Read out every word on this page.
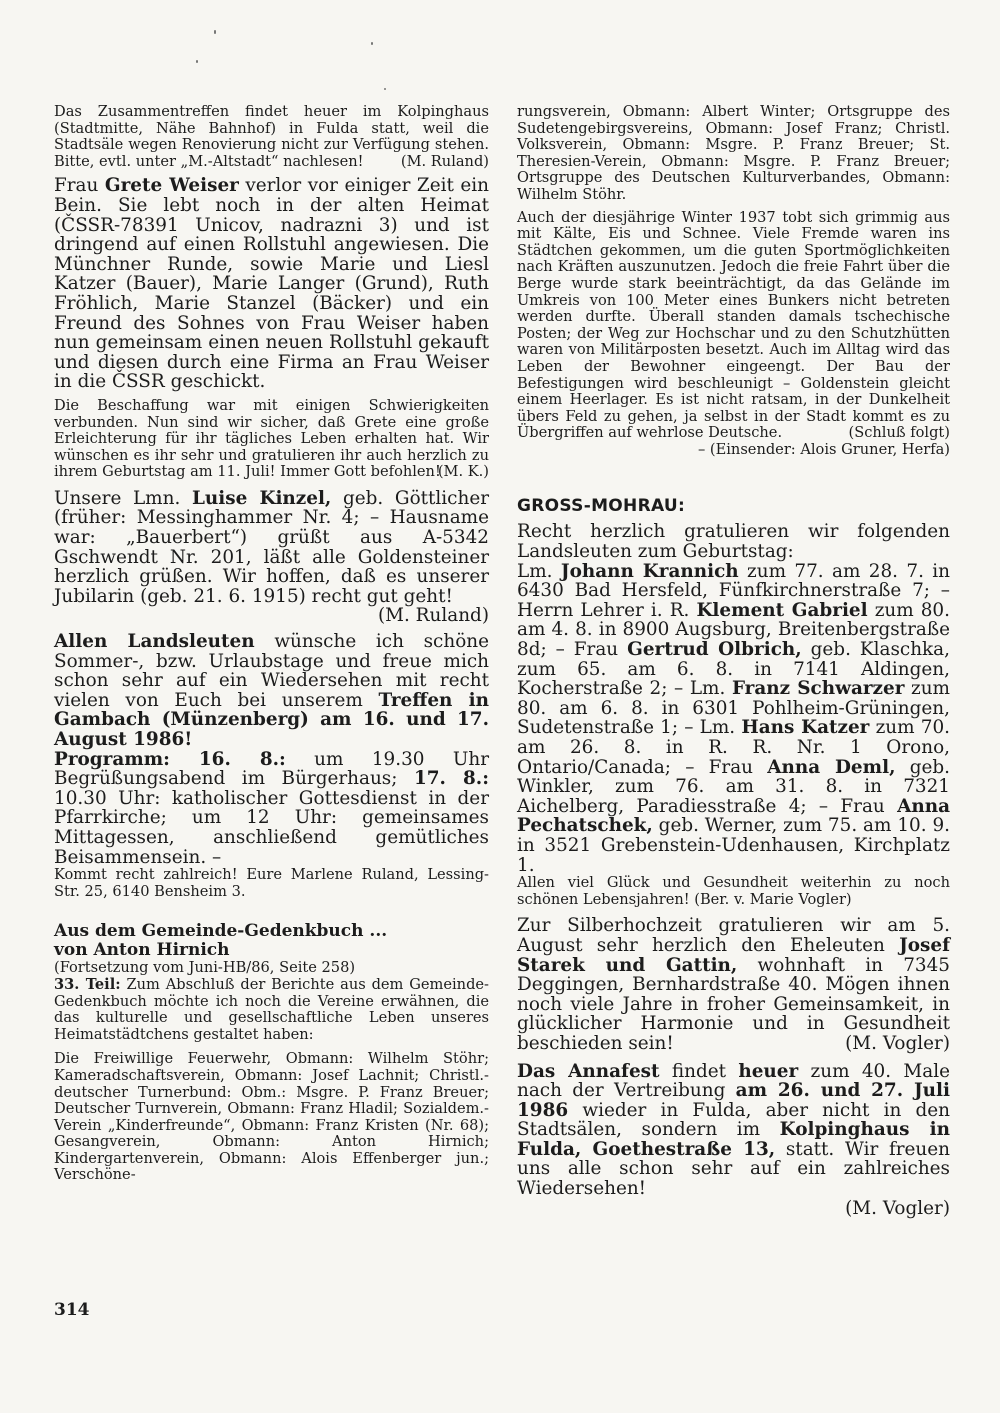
Das Zusammentreffen findet heuer im Kolpinghaus (Stadtmitte, Nähe Bahnhof) in Fulda statt, weil die Stadtsäle wegen Renovierung nicht zur Verfügung stehen. Bitte, evtl. unter „M.-Altstadt“ nachlesen!	(M. Ruland)

Frau Grete Weiser verlor vor einiger Zeit ein Bein. Sie lebt noch in der alten Heimat (ČSSR-78391 Unicov, nadrazni 3) und ist dringend auf einen Rollstuhl angewiesen. Die Münchner Runde, sowie Marie und Liesl Katzer (Bauer), Marie Langer (Grund), Ruth Fröhlich, Marie Stanzel (Bäcker) und ein Freund des Sohnes von Frau Weiser haben nun gemeinsam einen neuen Rollstuhl gekauft und diesen durch eine Firma an Frau Weiser in die ČSSR geschickt.

Die Beschaffung war mit einigen Schwierigkeiten verbunden. Nun sind wir sicher, daß Grete eine große Erleichterung für ihr tägliches Leben erhalten hat. Wir wünschen es ihr sehr und gratulieren ihr auch herzlich zu ihrem Geburtstag am 11. Juli! Immer Gott befohlen!
(M. K.)

Unsere Lmn. Luise Kinzel, geb. Göttlicher (früher: Messinghammer Nr. 4; – Hausname war: „Bauerbert“) grüßt aus A-5342 Gschwendt Nr. 201, läßt alle Goldensteiner herzlich grüßen. Wir hoffen, daß es unserer Jubilarin (geb. 21. 6. 1915) recht gut geht!
(M. Ruland)

Allen Landsleuten wünsche ich schöne Sommer-, bzw. Urlaubstage und freue mich schon sehr auf ein Wiedersehen mit recht vielen von Euch bei unserem Treffen in Gambach (Münzenberg) am 16. und 17. August 1986!

Programm: 16. 8.: um 19.30 Uhr Begrüßungsabend im Bürgerhaus; 17. 8.: 10.30 Uhr: katholischer Gottesdienst in der Pfarrkirche; um 12 Uhr: gemeinsames Mittagessen, anschließend gemütliches Beisammensein. –

Kommt recht zahlreich! Eure Marlene Ruland, Lessing-Str. 25, 6140 Bensheim 3.

Aus dem Gemeinde-Gedenkbuch ...
von Anton Hirnich

(Fortsetzung vom Juni-HB/86, Seite 258)

33. Teil: Zum Abschluß der Berichte aus dem Gemeinde-Gedenkbuch möchte ich noch die Vereine erwähnen, die das kulturelle und gesellschaftliche Leben unseres Heimatstädtchens gestaltet haben:

Die Freiwillige Feuerwehr, Obmann: Wilhelm Stöhr; Kameradschaftsverein, Obmann: Josef Lachnit; Christl.-deutscher Turnerbund: Obm.: Msgre. P. Franz Breuer; Deutscher Turnverein, Obmann: Franz Hladil; Sozialdem.-Verein „Kinderfreunde“, Obmann: Franz Kristen (Nr. 68); Gesangverein, Obmann: Anton Hirnich; Kindergartenverein, Obmann: Alois Effenberger jun.; Verschöne-

rungsverein, Obmann: Albert Winter; Ortsgruppe des Sudetengebirgsvereins, Obmann: Josef Franz; Christl. Volksverein, Obmann: Msgre. P. Franz Breuer; St. Theresien-Verein, Obmann: Msgre. P. Franz Breuer; Ortsgruppe des Deutschen Kulturverbandes, Obmann: Wilhelm Stöhr.

Auch der diesjährige Winter 1937 tobt sich grimmig aus mit Kälte, Eis und Schnee. Viele Fremde waren ins Städtchen gekommen, um die guten Sportmöglichkeiten nach Kräften auszunutzen. Jedoch die freie Fahrt über die Berge wurde stark beeinträchtigt, da das Gelände im Umkreis von 100 Meter eines Bunkers nicht betreten werden durfte. Überall standen damals tschechische Posten; der Weg zur Hochschar und zu den Schutzhütten waren von Militärposten besetzt. Auch im Alltag wird das Leben der Bewohner eingeengt. Der Bau der Befestigungen wird beschleunigt – Goldenstein gleicht einem Heerlager. Es ist nicht ratsam, in der Dunkelheit übers Feld zu gehen, ja selbst in der Stadt kommt es zu Übergriffen auf wehrlose Deutsche.	(Schluß folgt)
– (Einsender: Alois Gruner, Herfa)

GROSS-MOHRAU:

Recht herzlich gratulieren wir folgenden Landsleuten zum Geburtstag:

Lm. Johann Krannich zum 77. am 28. 7. in 6430 Bad Hersfeld, Fünfkirchnerstraße 7; – Herrn Lehrer i. R. Klement Gabriel zum 80. am 4. 8. in 8900 Augsburg, Breitenbergstraße 8d; – Frau Gertrud Olbrich, geb. Klaschka, zum 65. am 6. 8. in 7141 Aldingen, Kocherstraße 2; – Lm. Franz Schwarzer zum 80. am 6. 8. in 6301 Pohlheim-Grüningen, Sudetenstraße 1; – Lm. Hans Katzer zum 70. am 26. 8. in R. R. Nr. 1 Orono, Ontario/Canada; – Frau Anna Deml, geb. Winkler, zum 76. am 31. 8. in 7321 Aichelberg, Paradiesstraße 4; – Frau Anna Pechatschek, geb. Werner, zum 75. am 10. 9. in 3521 Grebenstein-Udenhausen, Kirchplatz 1.

Allen viel Glück und Gesundheit weiterhin zu noch schönen Lebensjahren! (Ber. v. Marie Vogler)

Zur Silberhochzeit gratulieren wir am 5. August sehr herzlich den Eheleuten Josef Starek und Gattin, wohnhaft in 7345 Deggingen, Bernhardstraße 40. Mögen ihnen noch viele Jahre in froher Gemeinsamkeit, in glücklicher Harmonie und in Gesundheit beschieden sein!	(M. Vogler)

Das Annafest findet heuer zum 40. Male nach der Vertreibung am 26. und 27. Juli 1986 wieder in Fulda, aber nicht in den Stadtsälen, sondern im Kolpinghaus in Fulda, Goethestraße 13, statt. Wir freuen uns alle schon sehr auf ein zahlreiches Wiedersehen!
(M. Vogler)

314
